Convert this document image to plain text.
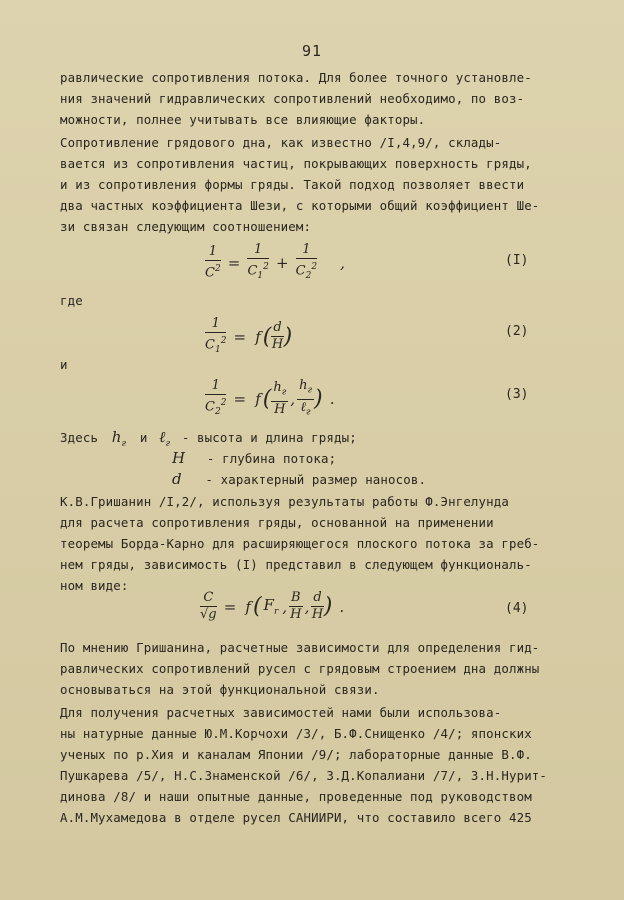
91
равлические сопротивления потока. Для более точного установле-
ния значений гидравлических сопротивлений необходимо, по воз-
можности, полнее учитывать все влияющие факторы.
Сопротивление грядового дна, как известно /I,4,9/, склады-
вается из сопротивления частиц, покрывающих поверхность гряды,
и из сопротивления формы гряды. Такой подход позволяет ввести
два частных коэффициента Шези, с которыми общий коэффициент Ше-
зи связан следующим соотношением:
$\frac{1}{C^2} = \frac{1}{C_1^2} + \frac{1}{C_2^2}$ ,	(I)
где
$\frac{1}{C_1^2} = f( \frac{d}{H}$ )	(2)
и
$\frac{1}{C_2^2} = f( \frac{h_г}{H}$ , $\frac{h_г}{\ell_г}$ ) .	(3)
Здесь $h_г$ и ℓ$_г$ - высота и длина гряды;
H - глубина потока;
d - характерный размер наносов.
К.В.Гришанин /I,2/, используя результаты работы Ф.Энгелунда
для расчета сопротивления гряды, основанной на применении
теоремы Борда-Карно для расширяющегося плоского потока за греб-
нем гряды, зависимость (I) представил в следующем функциональ-
ном виде:
$\frac{C}{√g} = f$( $F_r$ , $\frac{B}{H}$ , $\frac{d}{H}$ ) .	(4)
По мнению Гришанина, расчетные зависимости для определения гид-
равлических сопротивлений русел с грядовым строением дна должны
основываться на этой функциональной связи.
Для получения расчетных зависимостей нами были использова-
ны натурные данные Ю.М.Корчохи /3/, Б.Ф.Снищенко /4/; японских
ученых по р.Хия и каналам Японии /9/; лабораторные данные В.Ф.
Пушкарева /5/, Н.С.Знаменской /6/, З.Д.Копалиани /7/, З.Н.Нурит-
динова /8/ и наши опытные данные, проведенные под руководством
А.М.Мухамедова в отделе русел САНИИРИ, что составило всего 425
